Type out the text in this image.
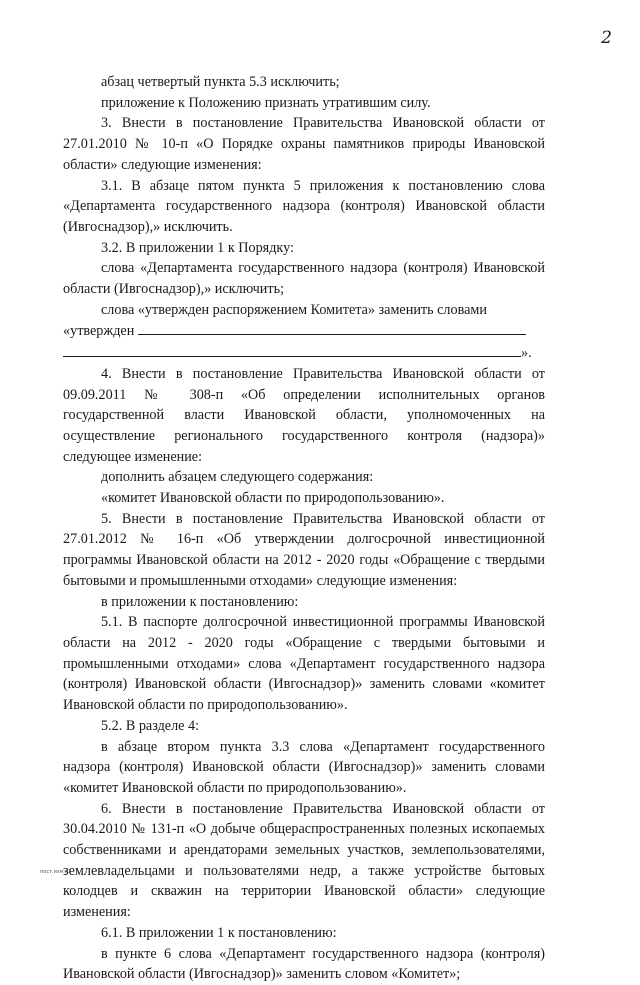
2

абзац четвертый пункта 5.3 исключить;

приложение к Положению признать утратившим силу.

3. Внести в постановление Правительства Ивановской области от 27.01.2010 № 10-п «О Порядке охраны памятников природы Ивановской области» следующие изменения:

3.1. В абзаце пятом пункта 5 приложения к постановлению слова «Департамента государственного надзора (контроля) Ивановской области (Ивгоснадзор),» исключить.

3.2. В приложении 1 к Порядку:

слова «Департамента государственного надзора (контроля) Ивановской области (Ивгоснадзор),» исключить;

слова «утвержден распоряжением Комитета» заменить словами

«утвержден

».

4. Внести в постановление Правительства Ивановской области от 09.09.2011 № 308-п «Об определении исполнительных органов государственной власти Ивановской области, уполномоченных на осуществление регионального государственного контроля (надзора)» следующее изменение:

дополнить абзацем следующего содержания:

«комитет Ивановской области по природопользованию».

5. Внести в постановление Правительства Ивановской области от 27.01.2012 № 16-п «Об утверждении долгосрочной инвестиционной программы Ивановской области на 2012 - 2020 годы «Обращение с твердыми бытовыми и промышленными отходами» следующие изменения:

в приложении к постановлению:

5.1. В паспорте долгосрочной инвестиционной программы Ивановской области на 2012 - 2020 годы «Обращение с твердыми бытовыми и промышленными отходами» слова «Департамент государственного надзора (контроля) Ивановской области (Ивгоснадзор)» заменить словами «комитет Ивановской области по природопользованию».

5.2. В разделе 4:

в абзаце втором пункта 3.3 слова «Департамент государственного надзора (контроля) Ивановской области (Ивгоснадзор)» заменить словами «комитет Ивановской области по природопользованию».

6. Внести в постановление Правительства Ивановской области от 30.04.2010 № 131-п «О добыче общераспространенных полезных ископаемых собственниками и арендаторами земельных участков, землепользователями, землевладельцами и пользователями недр, а также устройстве бытовых колодцев и скважин на территории Ивановской области» следующие изменения:

6.1. В приложении 1 к постановлению:

в пункте 6 слова «Департамент государственного надзора (контроля) Ивановской области (Ивгоснадзор)» заменить словом «Комитет»;

пост.изм.п2
